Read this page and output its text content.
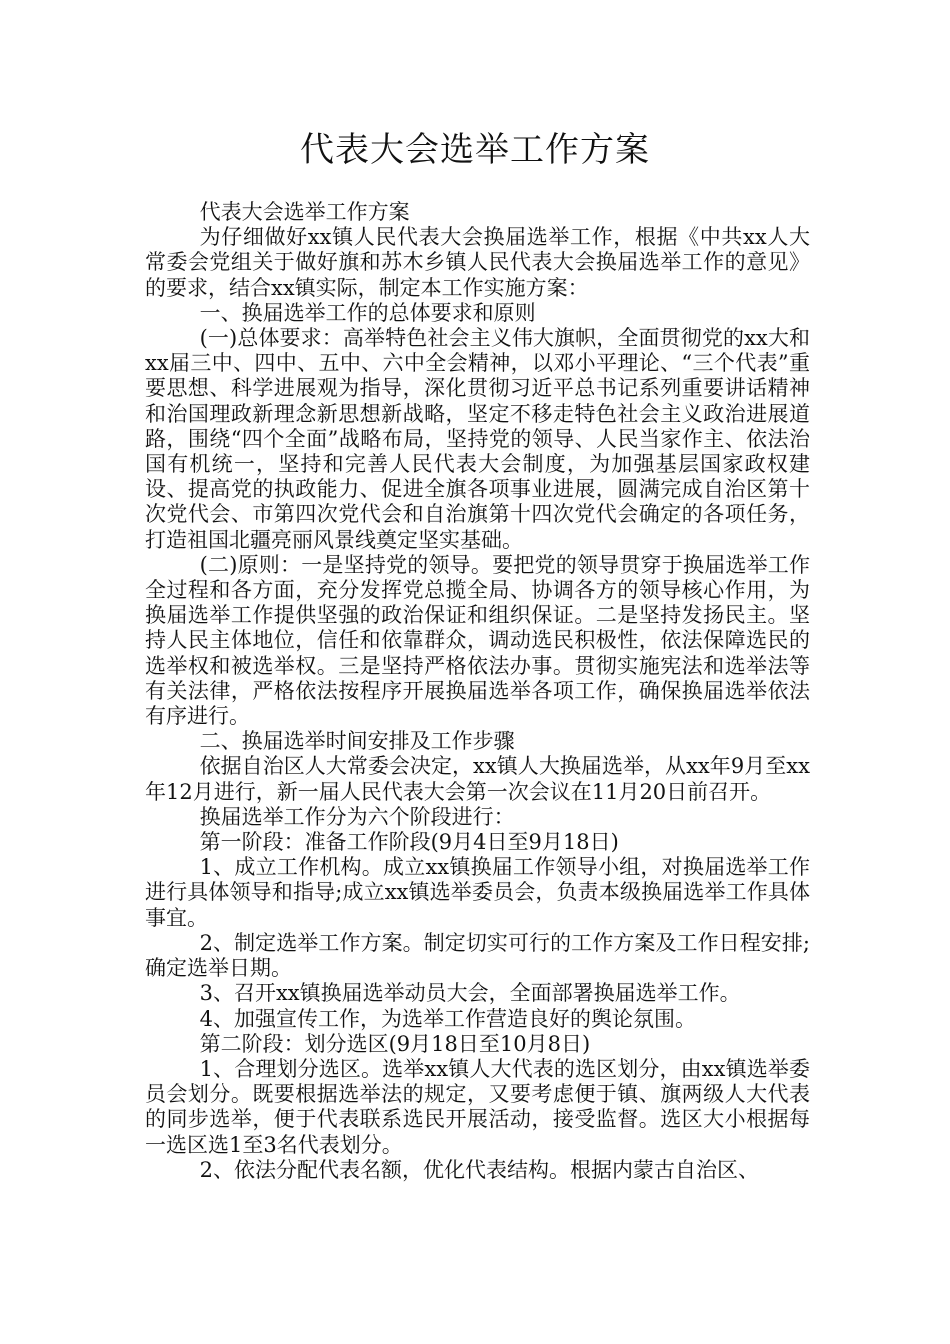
代表大会选举工作方案

代表大会选举工作方案

为仔细做好xx镇人民代表大会换届选举工作，根据《中共xx人大常委会党组关于做好旗和苏木乡镇人民代表大会换届选举工作的意见》的要求，结合xx镇实际，制定本工作实施方案：

一、换届选举工作的总体要求和原则

(一)总体要求：高举特色社会主义伟大旗帜，全面贯彻党的xx大和xx届三中、四中、五中、六中全会精神，以邓小平理论、“三个代表”重要思想、科学进展观为指导，深化贯彻习近平总书记系列重要讲话精神和治国理政新理念新思想新战略，坚定不移走特色社会主义政治进展道路，围绕“四个全面”战略布局，坚持党的领导、人民当家作主、依法治国有机统一，坚持和完善人民代表大会制度，为加强基层国家政权建设、提高党的执政能力、促进全旗各项事业进展，圆满完成自治区第十次党代会、市第四次党代会和自治旗第十四次党代会确定的各项任务，打造祖国北疆亮丽风景线奠定坚实基础。

(二)原则：一是坚持党的领导。要把党的领导贯穿于换届选举工作全过程和各方面，充分发挥党总揽全局、协调各方的领导核心作用，为换届选举工作提供坚强的政治保证和组织保证。二是坚持发扬民主。坚持人民主体地位，信任和依靠群众，调动选民积极性，依法保障选民的选举权和被选举权。三是坚持严格依法办事。贯彻实施宪法和选举法等有关法律，严格依法按程序开展换届选举各项工作，确保换届选举依法有序进行。

二、换届选举时间安排及工作步骤

依据自治区人大常委会决定，xx镇人大换届选举，从xx年9月至xx年12月进行，新一届人民代表大会第一次会议在11月20日前召开。

换届选举工作分为六个阶段进行：

第一阶段：准备工作阶段(9月4日至9月18日)

1、成立工作机构。成立xx镇换届工作领导小组，对换届选举工作进行具体领导和指导;成立xx镇选举委员会，负责本级换届选举工作具体事宜。

2、制定选举工作方案。制定切实可行的工作方案及工作日程安排;确定选举日期。

3、召开xx镇换届选举动员大会，全面部署换届选举工作。

4、加强宣传工作，为选举工作营造良好的舆论氛围。

第二阶段：划分选区(9月18日至10月8日)

1、合理划分选区。选举xx镇人大代表的选区划分，由xx镇选举委员会划分。既要根据选举法的规定，又要考虑便于镇、旗两级人大代表的同步选举，便于代表联系选民开展活动，接受监督。选区大小根据每一选区选1至3名代表划分。

2、依法分配代表名额，优化代表结构。根据内蒙古自治区、
